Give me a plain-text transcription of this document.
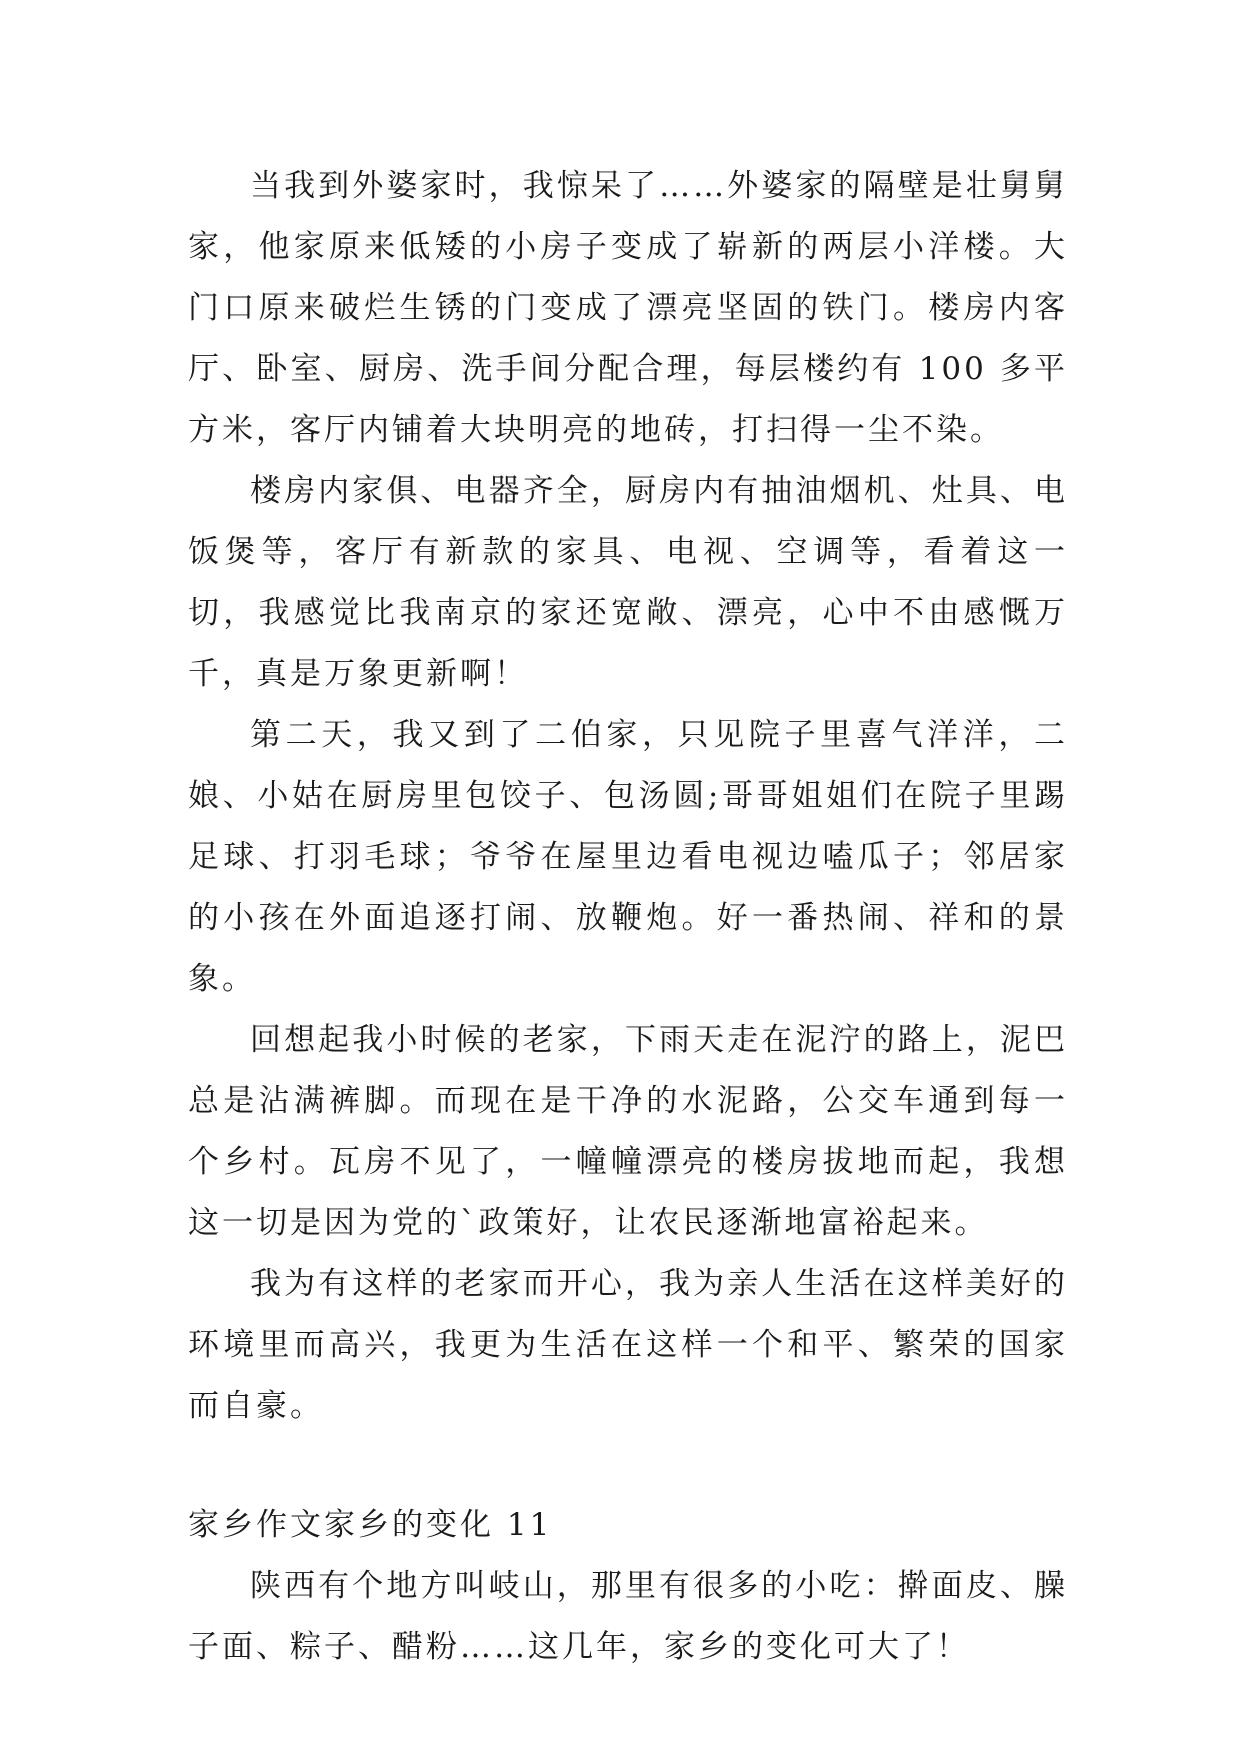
当我到外婆家时，我惊呆了……外婆家的隔壁是壮舅舅家，他家原来低矮的小房子变成了崭新的两层小洋楼。大门口原来破烂生锈的门变成了漂亮坚固的铁门。楼房内客厅、卧室、厨房、洗手间分配合理，每层楼约有 100 多平方米，客厅内铺着大块明亮的地砖，打扫得一尘不染。

楼房内家俱、电器齐全，厨房内有抽油烟机、灶具、电饭煲等，客厅有新款的家具、电视、空调等，看着这一切，我感觉比我南京的家还宽敞、漂亮，心中不由感慨万千，真是万象更新啊！

第二天，我又到了二伯家，只见院子里喜气洋洋，二娘、小姑在厨房里包饺子、包汤圆;哥哥姐姐们在院子里踢足球、打羽毛球；爷爷在屋里边看电视边嗑瓜子；邻居家的小孩在外面追逐打闹、放鞭炮。好一番热闹、祥和的景象。

回想起我小时候的老家，下雨天走在泥泞的路上，泥巴总是沾满裤脚。而现在是干净的水泥路，公交车通到每一个乡村。瓦房不见了，一幢幢漂亮的楼房拔地而起，我想这一切是因为党的`政策好，让农民逐渐地富裕起来。

我为有这样的老家而开心，我为亲人生活在这样美好的环境里而高兴，我更为生活在这样一个和平、繁荣的国家而自豪。

家乡作文家乡的变化 11

陕西有个地方叫岐山，那里有很多的小吃：擀面皮、臊子面、粽子、醋粉……这几年，家乡的变化可大了！
